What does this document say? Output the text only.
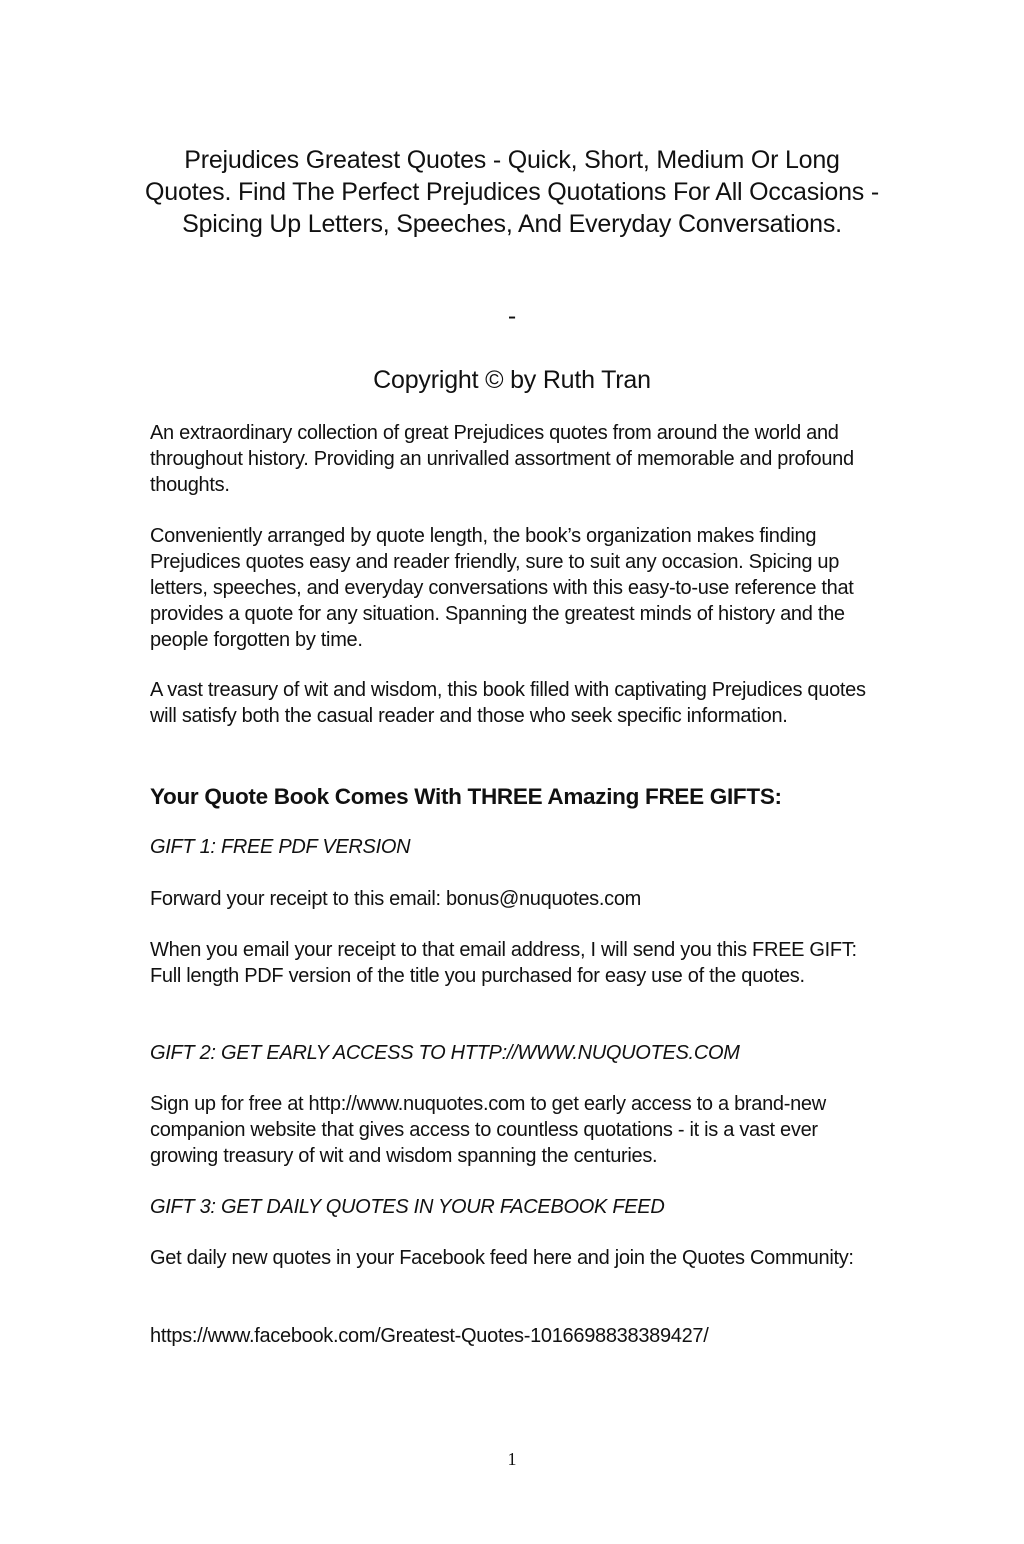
Prejudices Greatest Quotes - Quick, Short, Medium Or Long Quotes. Find The Perfect Prejudices Quotations For All Occasions - Spicing Up Letters, Speeches, And Everyday Conversations.
-
Copyright © by Ruth Tran

An extraordinary collection of great Prejudices quotes from around the world and throughout history. Providing an unrivalled assortment of memorable and profound thoughts.

Conveniently arranged by quote length, the book’s organization makes finding Prejudices quotes easy and reader friendly, sure to suit any occasion. Spicing up letters, speeches, and everyday conversations with this easy-to-use reference that provides a quote for any situation. Spanning the greatest minds of history and the people forgotten by time.

A vast treasury of wit and wisdom, this book filled with captivating Prejudices quotes will satisfy both the casual reader and those who seek specific information.

Your Quote Book Comes With THREE Amazing FREE GIFTS:

GIFT 1: FREE PDF VERSION

Forward your receipt to this email: bonus@nuquotes.com

When you email your receipt to that email address, I will send you this FREE GIFT: Full length PDF version of the title you purchased for easy use of the quotes.

GIFT 2: GET EARLY ACCESS TO HTTP://WWW.NUQUOTES.COM

Sign up for free at http://www.nuquotes.com to get early access to a brand-new companion website that gives access to countless quotations - it is a vast ever growing treasury of wit and wisdom spanning the centuries.

GIFT 3: GET DAILY QUOTES IN YOUR FACEBOOK FEED

Get daily new quotes in your Facebook feed here and join the Quotes Community:

https://www.facebook.com/Greatest-Quotes-1016698838389427/

1
